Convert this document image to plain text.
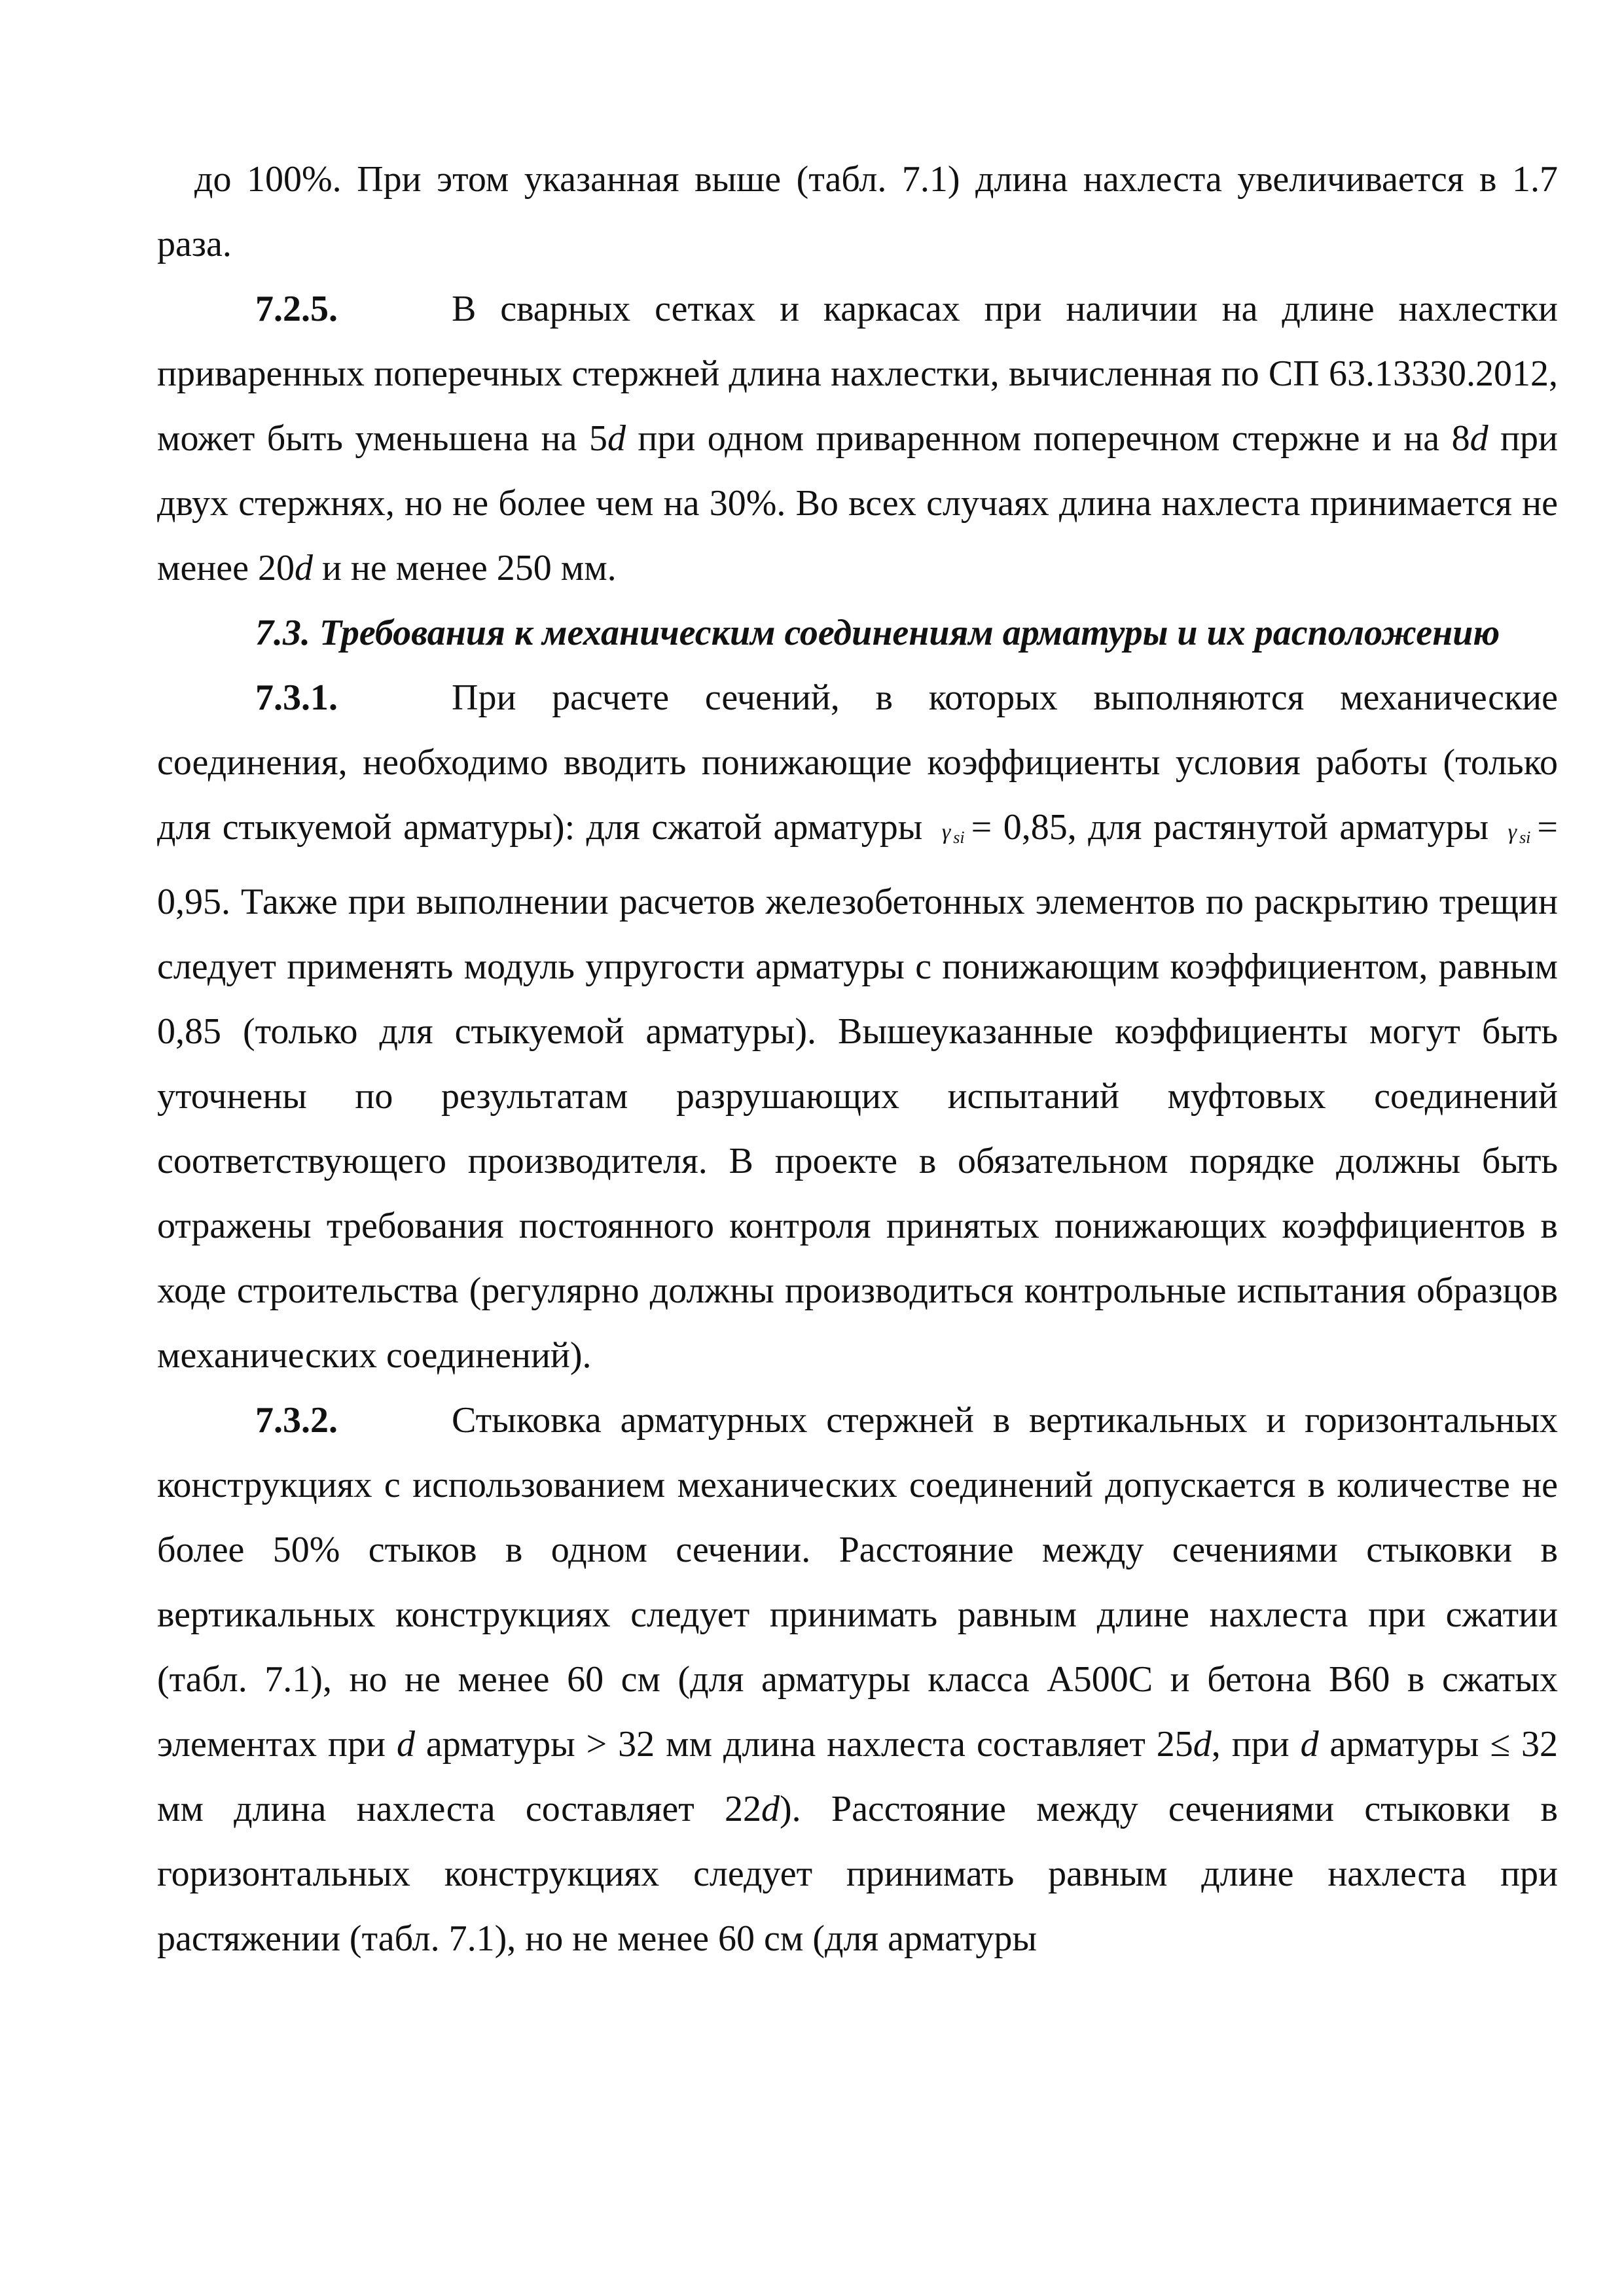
до 100%. При этом указанная выше (табл. 7.1) длина нахлеста увеличивается в 1.7 раза.

7.2.5.	В сварных сетках и каркасах при наличии на длине нахлестки приваренных поперечных стержней длина нахлестки, вычисленная по СП 63.13330.2012, может быть уменьшена на 5d при одном приваренном поперечном стержне и на 8d при двух стержнях, но не более чем на 30%. Во всех случаях длина нахлеста принимается не менее 20d и не менее 250 мм.

7.3. Требования к механическим соединениям арматуры и их расположению

7.3.1.	При расчете сечений, в которых выполняются механические соединения, необходимо вводить понижающие коэффициенты условия работы (только для стыкуемой арматуры): для сжатой арматуры γ $_{si}$ = 0,85, для растянутой арматуры γ $_{si}$ = 0,95. Также при выполнении расчетов железобетонных элементов по раскрытию трещин следует применять модуль упругости арматуры с понижающим коэффициентом, равным 0,85 (только для стыкуемой арматуры). Вышеуказанные коэффициенты могут быть уточнены по результатам разрушающих испытаний муфтовых соединений соответствующего производителя. В проекте в обязательном порядке должны быть отражены требования постоянного контроля принятых понижающих коэффициентов в ходе строительства (регулярно должны производиться контрольные испытания образцов механических соединений).

7.3.2.	Стыковка арматурных стержней в вертикальных и горизонтальных конструкциях с использованием механических соединений допускается в количестве не более 50% стыков в одном сечении. Расстояние между сечениями стыковки в вертикальных конструкциях следует принимать равным длине нахлеста при сжатии (табл. 7.1), но не менее 60 см (для арматуры класса А500С и бетона В60 в сжатых элементах при d арматуры > 32 мм длина нахлеста составляет 25d, при d арматуры ≤ 32 мм длина нахлеста составляет 22d). Расстояние между сечениями стыковки в горизонтальных конструкциях следует принимать равным длине нахлеста при растяжении (табл. 7.1), но не менее 60 см (для арматуры
